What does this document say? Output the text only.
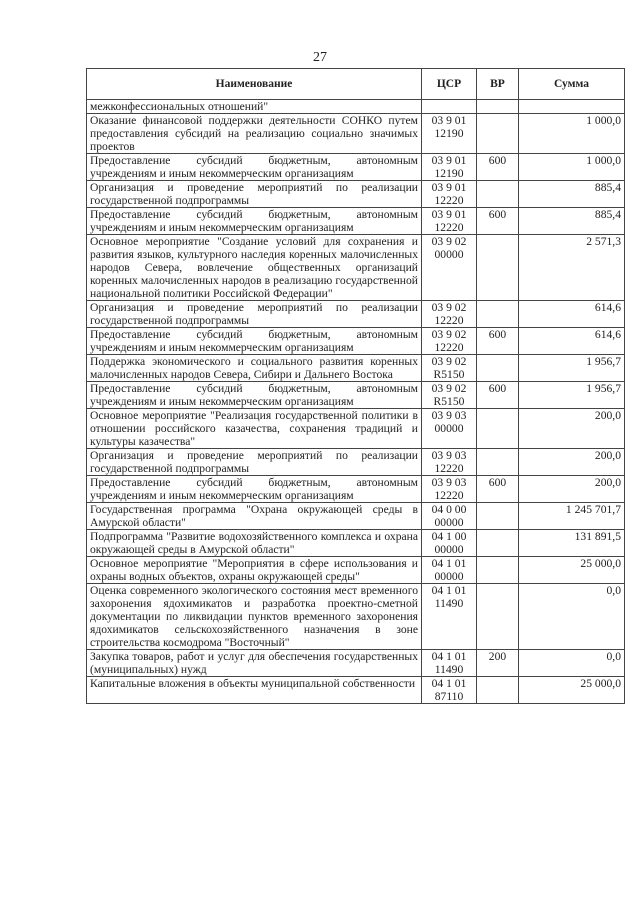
27
Наименование	ЦСР	ВР	Сумма
межконфессиональных отношений"			
Оказание финансовой поддержки деятельности СОНКО путем предоставления субсидий на реализацию социально значимых проектов	03 9 01 12190		1 000,0
Предоставление субсидий бюджетным, автономным учреждениям и иным некоммерческим организациям	03 9 01 12190	600	1 000,0
Организация и проведение мероприятий по реализации государственной подпрограммы	03 9 01 12220		885,4
Предоставление субсидий бюджетным, автономным учреждениям и иным некоммерческим организациям	03 9 01 12220	600	885,4
Основное мероприятие "Создание условий для сохранения и развития языков, культурного наследия коренных малочисленных народов Севера, вовлечение общественных организаций коренных малочисленных народов в реализацию государственной национальной политики Российской Федерации"	03 9 02 00000		2 571,3
Организация и проведение мероприятий по реализации государственной подпрограммы	03 9 02 12220		614,6
Предоставление субсидий бюджетным, автономным учреждениям и иным некоммерческим организациям	03 9 02 12220	600	614,6
Поддержка экономического и социального развития коренных малочисленных народов Севера, Сибири и Дальнего Востока	03 9 02 R5150		1 956,7
Предоставление субсидий бюджетным, автономным учреждениям и иным некоммерческим организациям	03 9 02 R5150	600	1 956,7
Основное мероприятие "Реализация государственной политики в отношении российского казачества, сохранения традиций и культуры казачества"	03 9 03 00000		200,0
Организация и проведение мероприятий по реализации государственной подпрограммы	03 9 03 12220		200,0
Предоставление субсидий бюджетным, автономным учреждениям и иным некоммерческим организациям	03 9 03 12220	600	200,0
Государственная программа "Охрана окружающей среды в Амурской области"	04 0 00 00000		1 245 701,7
Подпрограмма "Развитие водохозяйственного комплекса и охрана окружающей среды в Амурской области"	04 1 00 00000		131 891,5
Основное мероприятие "Мероприятия в сфере использования и охраны водных объектов, охраны окружающей среды"	04 1 01 00000		25 000,0
Оценка современного экологического состояния мест временного захоронения ядохимикатов и разработка проектно-сметной документации по ликвидации пунктов временного захоронения ядохимикатов сельскохозяйственного назначения в зоне строительства космодрома "Восточный"	04 1 01 11490		0,0
Закупка товаров, работ и услуг для обеспечения государственных (муниципальных) нужд	04 1 01 11490	200	0,0
Капитальные вложения в объекты муниципальной собственности	04 1 01 87110		25 000,0
